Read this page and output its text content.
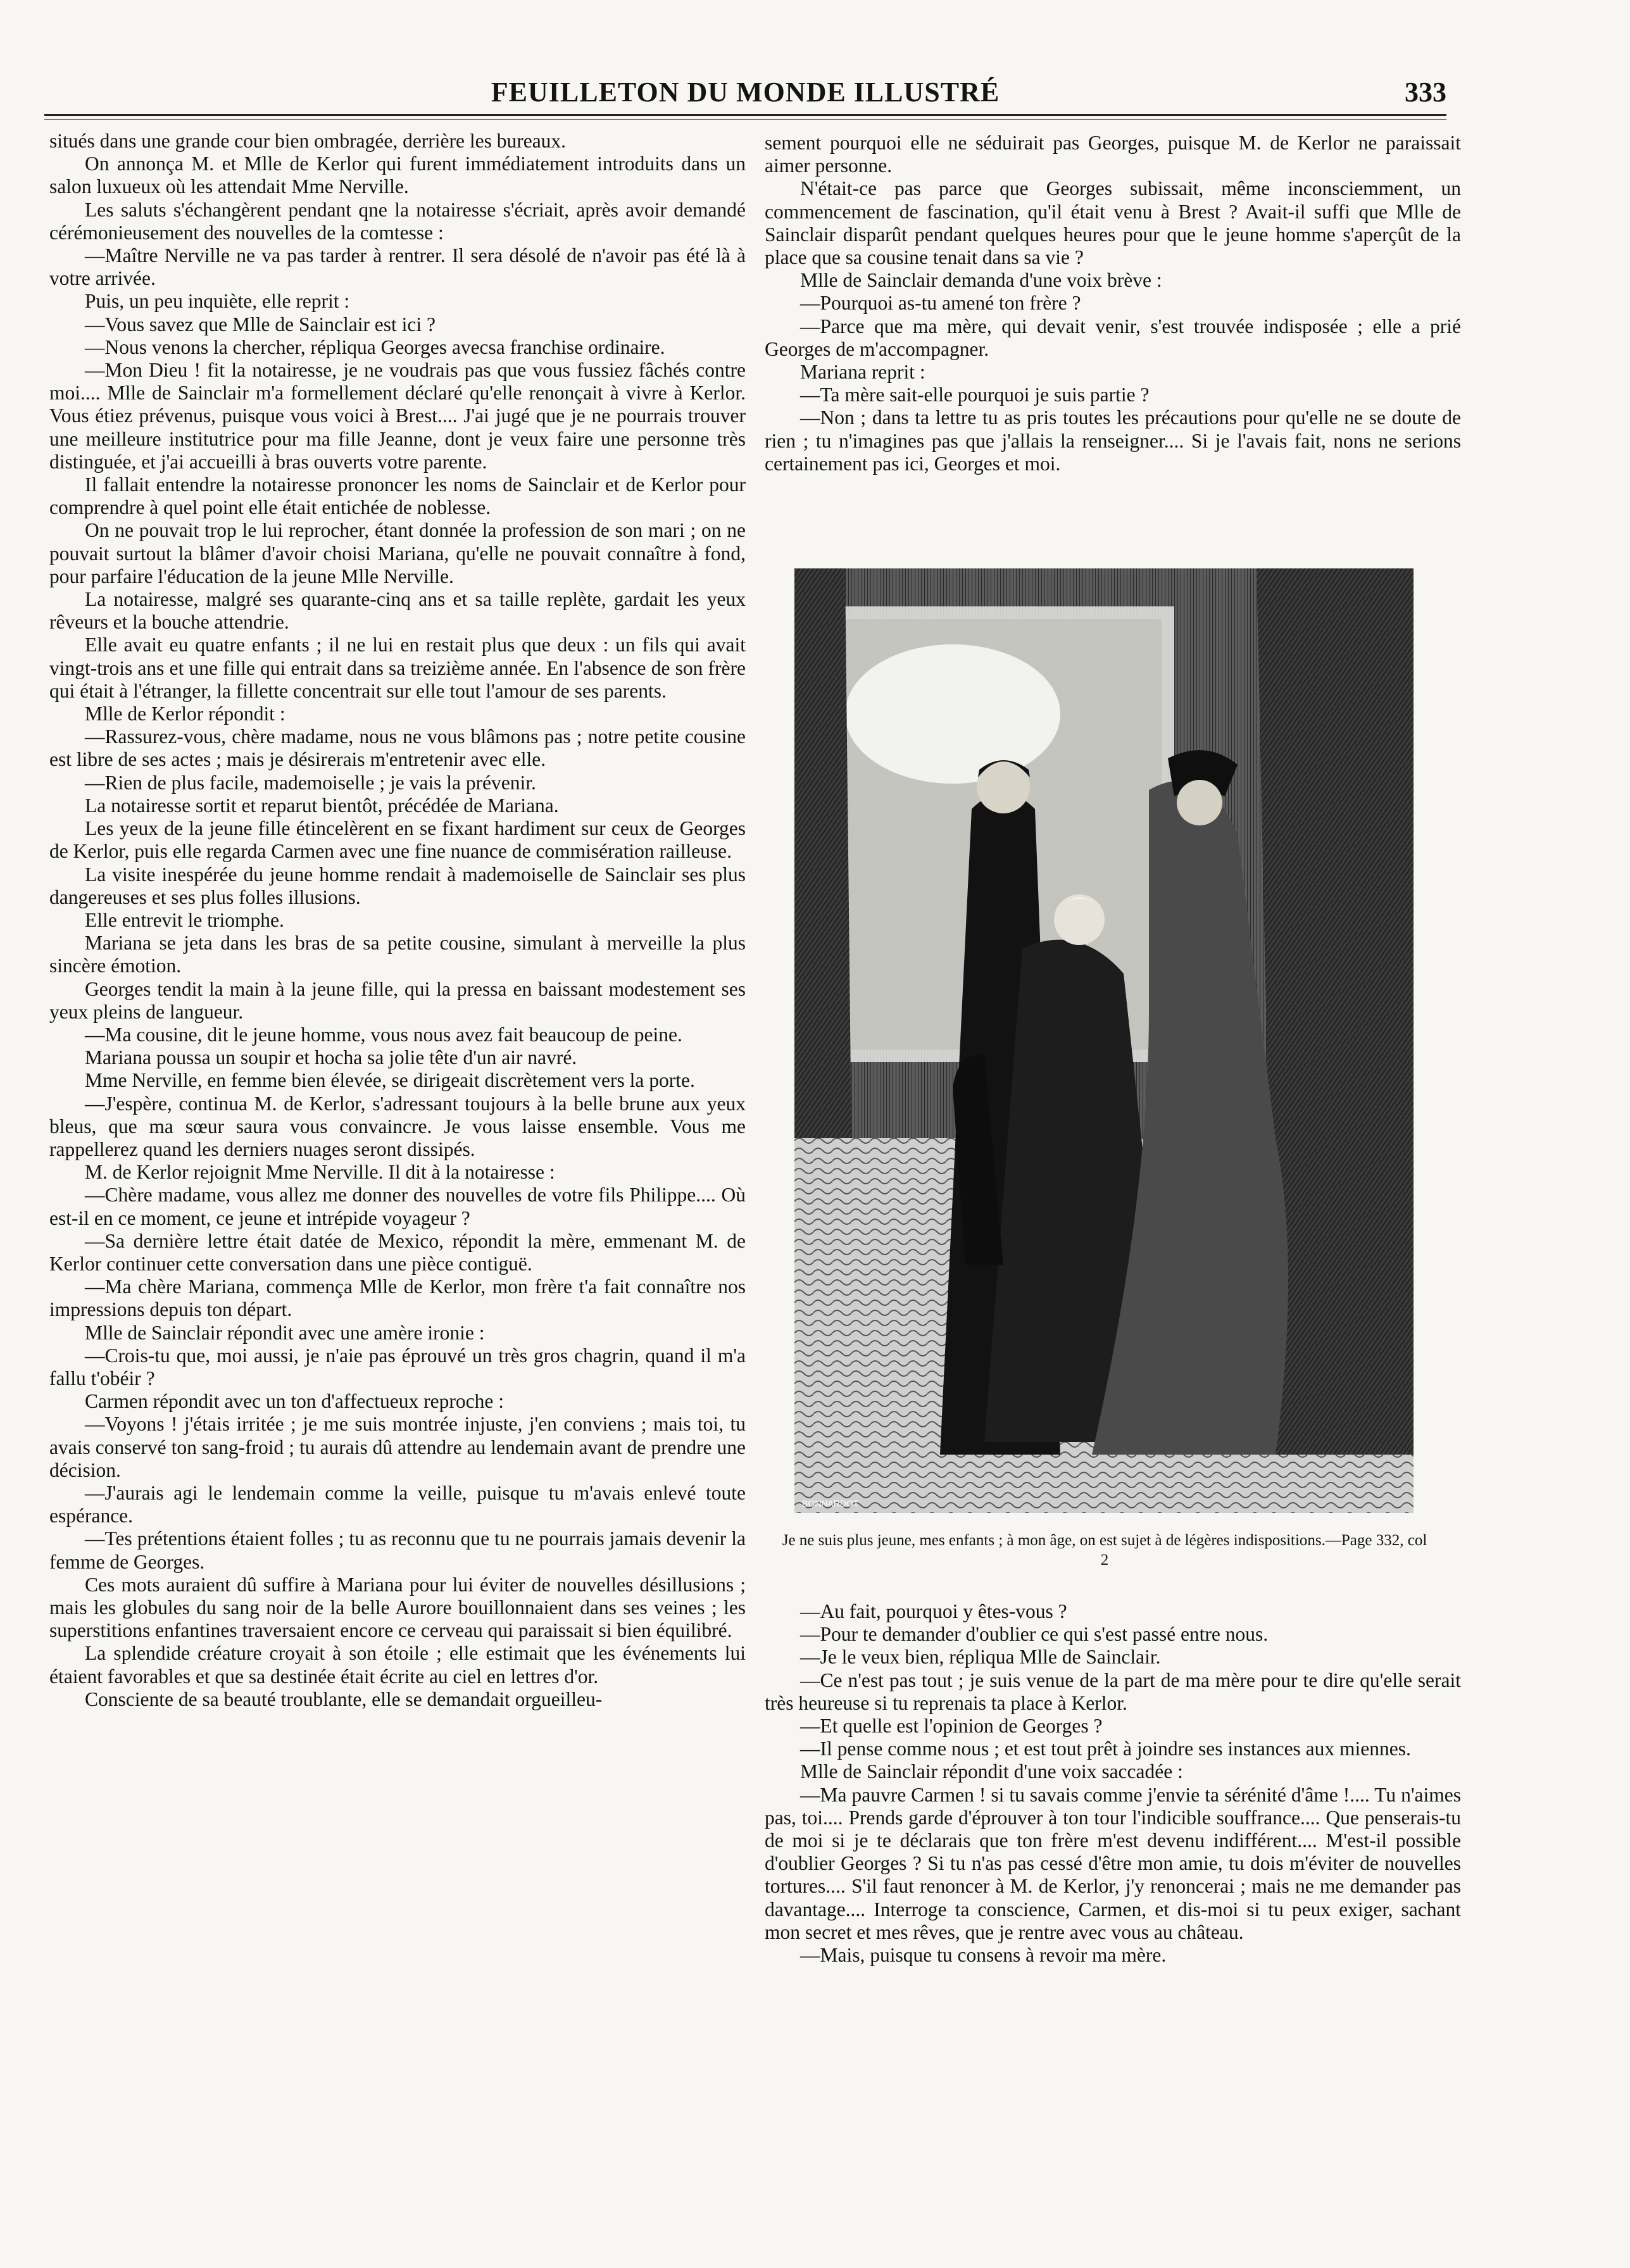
FEUILLETON DU MONDE ILLUSTRÉ	333

situés dans une grande cour bien ombragée, derrière les bureaux.

On annonça M. et Mlle de Kerlor qui furent immédiatement introduits dans un salon luxueux où les attendait Mme Nerville.

Les saluts s'échangèrent pendant qne la notairesse s'écriait, après avoir demandé cérémonieusement des nouvelles de la comtesse :

—Maître Nerville ne va pas tarder à rentrer. Il sera désolé de n'avoir pas été là à votre arrivée.

Puis, un peu inquiète, elle reprit :

—Vous savez que Mlle de Sainclair est ici ?

—Nous venons la chercher, répliqua Georges avecsa franchise ordinaire.

—Mon Dieu ! fit la notairesse, je ne voudrais pas que vous fussiez fâchés contre moi.... Mlle de Sainclair m'a formellement déclaré qu'elle renonçait à vivre à Kerlor. Vous étiez prévenus, puisque vous voici à Brest.... J'ai jugé que je ne pourrais trouver une meilleure institutrice pour ma fille Jeanne, dont je veux faire une personne très distinguée, et j'ai accueilli à bras ouverts votre parente.

Il fallait entendre la notairesse prononcer les noms de Sainclair et de Kerlor pour comprendre à quel point elle était entichée de noblesse.

On ne pouvait trop le lui reprocher, étant donnée la profession de son mari ; on ne pouvait surtout la blâmer d'avoir choisi Mariana, qu'elle ne pouvait connaître à fond, pour parfaire l'éducation de la jeune Mlle Nerville.

La notairesse, malgré ses quarante-cinq ans et sa taille replète, gardait les yeux rêveurs et la bouche attendrie.

Elle avait eu quatre enfants ; il ne lui en restait plus que deux : un fils qui avait vingt-trois ans et une fille qui entrait dans sa treizième année. En l'absence de son frère qui était à l'étranger, la fillette concentrait sur elle tout l'amour de ses parents.

Mlle de Kerlor répondit :

—Rassurez-vous, chère madame, nous ne vous blâmons pas ; notre petite cousine est libre de ses actes ; mais je désirerais m'entretenir avec elle.

—Rien de plus facile, mademoiselle ; je vais la prévenir.

La notairesse sortit et reparut bientôt, précédée de Mariana.

Les yeux de la jeune fille étincelèrent en se fixant hardiment sur ceux de Georges de Kerlor, puis elle regarda Carmen avec une fine nuance de commisération railleuse.

La visite inespérée du jeune homme rendait à mademoiselle de Sainclair ses plus dangereuses et ses plus folles illusions.

Elle entrevit le triomphe.

Mariana se jeta dans les bras de sa petite cousine, simulant à merveille la plus sincère émotion.

Georges tendit la main à la jeune fille, qui la pressa en baissant modestement ses yeux pleins de langueur.

—Ma cousine, dit le jeune homme, vous nous avez fait beaucoup de peine.

Mariana poussa un soupir et hocha sa jolie tête d'un air navré.

Mme Nerville, en femme bien élevée, se dirigeait discrètement vers la porte.

—J'espère, continua M. de Kerlor, s'adressant toujours à la belle brune aux yeux bleus, que ma sœur saura vous convaincre. Je vous laisse ensemble. Vous me rappellerez quand les derniers nuages seront dissipés.

M. de Kerlor rejoignit Mme Nerville. Il dit à la notairesse :

—Chère madame, vous allez me donner des nouvelles de votre fils Philippe.... Où est-il en ce moment, ce jeune et intrépide voyageur ?

—Sa dernière lettre était datée de Mexico, répondit la mère, emmenant M. de Kerlor continuer cette conversation dans une pièce contiguë.

—Ma chère Mariana, commença Mlle de Kerlor, mon frère t'a fait connaître nos impressions depuis ton départ.

Mlle de Sainclair répondit avec une amère ironie :

—Crois-tu que, moi aussi, je n'aie pas éprouvé un très gros chagrin, quand il m'a fallu t'obéir ?

Carmen répondit avec un ton d'affectueux reproche :

—Voyons ! j'étais irritée ; je me suis montrée injuste, j'en conviens ; mais toi, tu avais conservé ton sang-froid ; tu aurais dû attendre au lendemain avant de prendre une décision.

—J'aurais agi le lendemain comme la veille, puisque tu m'avais enlevé toute espérance.

—Tes prétentions étaient folles ; tu as reconnu que tu ne pourrais jamais devenir la femme de Georges.

Ces mots auraient dû suffire à Mariana pour lui éviter de nouvelles désillusions ; mais les globules du sang noir de la belle Aurore bouillonnaient dans ses veines ; les superstitions enfantines traversaient encore ce cerveau qui paraissait si bien équilibré.

La splendide créature croyait à son étoile ; elle estimait que les événements lui étaient favorables et que sa destinée était écrite au ciel en lettres d'or.

Consciente de sa beauté troublante, elle se demandait orgueilleu-

sement pourquoi elle ne séduirait pas Georges, puisque M. de Kerlor ne paraissait aimer personne.

N'était-ce pas parce que Georges subissait, même inconsciemment, un commencement de fascination, qu'il était venu à Brest ? Avait-il suffi que Mlle de Sainclair disparût pendant quelques heures pour que le jeune homme s'aperçût de la place que sa cousine tenait dans sa vie ?

Mlle de Sainclair demanda d'une voix brève :

—Pourquoi as-tu amené ton frère ?

—Parce que ma mère, qui devait venir, s'est trouvée indisposée ; elle a prié Georges de m'accompagner.

Mariana reprit :

—Ta mère sait-elle pourquoi je suis partie ?

—Non ; dans ta lettre tu as pris toutes les précautions pour qu'elle ne se doute de rien ; tu n'imagines pas que j'allais la renseigner.... Si je l'avais fait, nons ne serions certainement pas ici, Georges et moi.

BONNARDOT
Je ne suis plus jeune, mes enfants ; à mon âge, on est sujet à de légères indispositions.—Page 332, col 2

—Au fait, pourquoi y êtes-vous ?

—Pour te demander d'oublier ce qui s'est passé entre nous.

—Je le veux bien, répliqua Mlle de Sainclair.

—Ce n'est pas tout ; je suis venue de la part de ma mère pour te dire qu'elle serait très heureuse si tu reprenais ta place à Kerlor.

—Et quelle est l'opinion de Georges ?

—Il pense comme nous ; et est tout prêt à joindre ses instances aux miennes.

Mlle de Sainclair répondit d'une voix saccadée :

—Ma pauvre Carmen ! si tu savais comme j'envie ta sérénité d'âme !.... Tu n'aimes pas, toi.... Prends garde d'éprouver à ton tour l'indicible souffrance.... Que penserais-tu de moi si je te déclarais que ton frère m'est devenu indifférent.... M'est-il possible d'oublier Georges ? Si tu n'as pas cessé d'être mon amie, tu dois m'éviter de nouvelles tortures.... S'il faut renoncer à M. de Kerlor, j'y renoncerai ; mais ne me demander pas davantage.... Interroge ta conscience, Carmen, et dis-moi si tu peux exiger, sachant mon secret et mes rêves, que je rentre avec vous au château.

—Mais, puisque tu consens à revoir ma mère.
